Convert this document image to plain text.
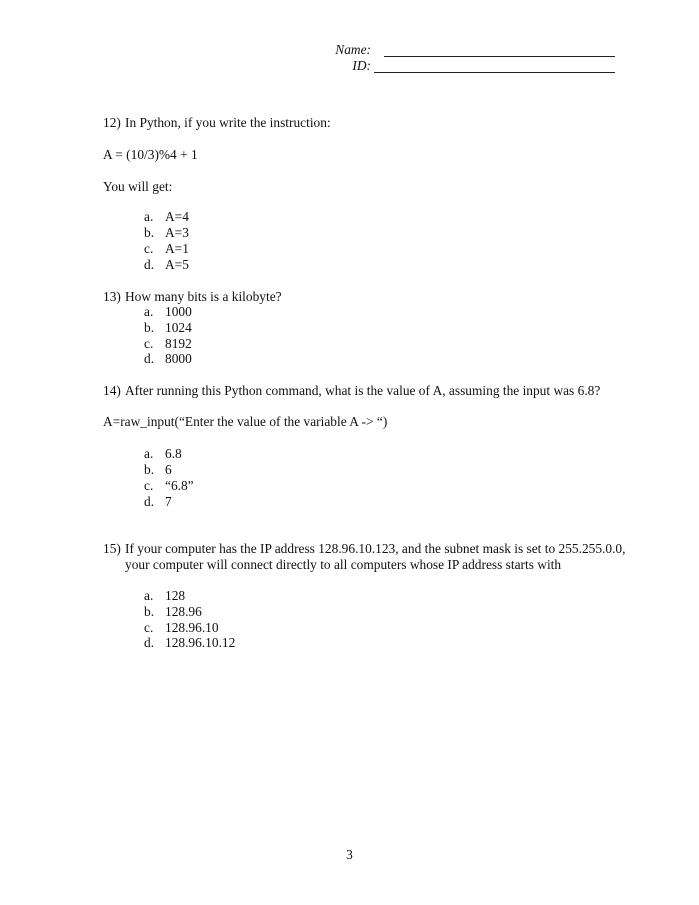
Name:
ID:
12) In Python, if you write the instruction:
A = (10/3)%4 + 1
You will get:
a. A=4
b. A=3
c. A=1
d. A=5
13) How many bits is a kilobyte?
a. 1000
b. 1024
c. 8192
d. 8000
14) After running this Python command, what is the value of A, assuming the input was 6.8?
A=raw_input(“Enter the value of the variable A -> “)
a. 6.8
b. 6
c. “6.8”
d. 7
15) If your computer has the IP address 128.96.10.123, and the subnet mask is set to 255.255.0.0, your computer will connect directly to all computers whose IP address starts with
a. 128
b. 128.96
c. 128.96.10
d. 128.96.10.12
3
